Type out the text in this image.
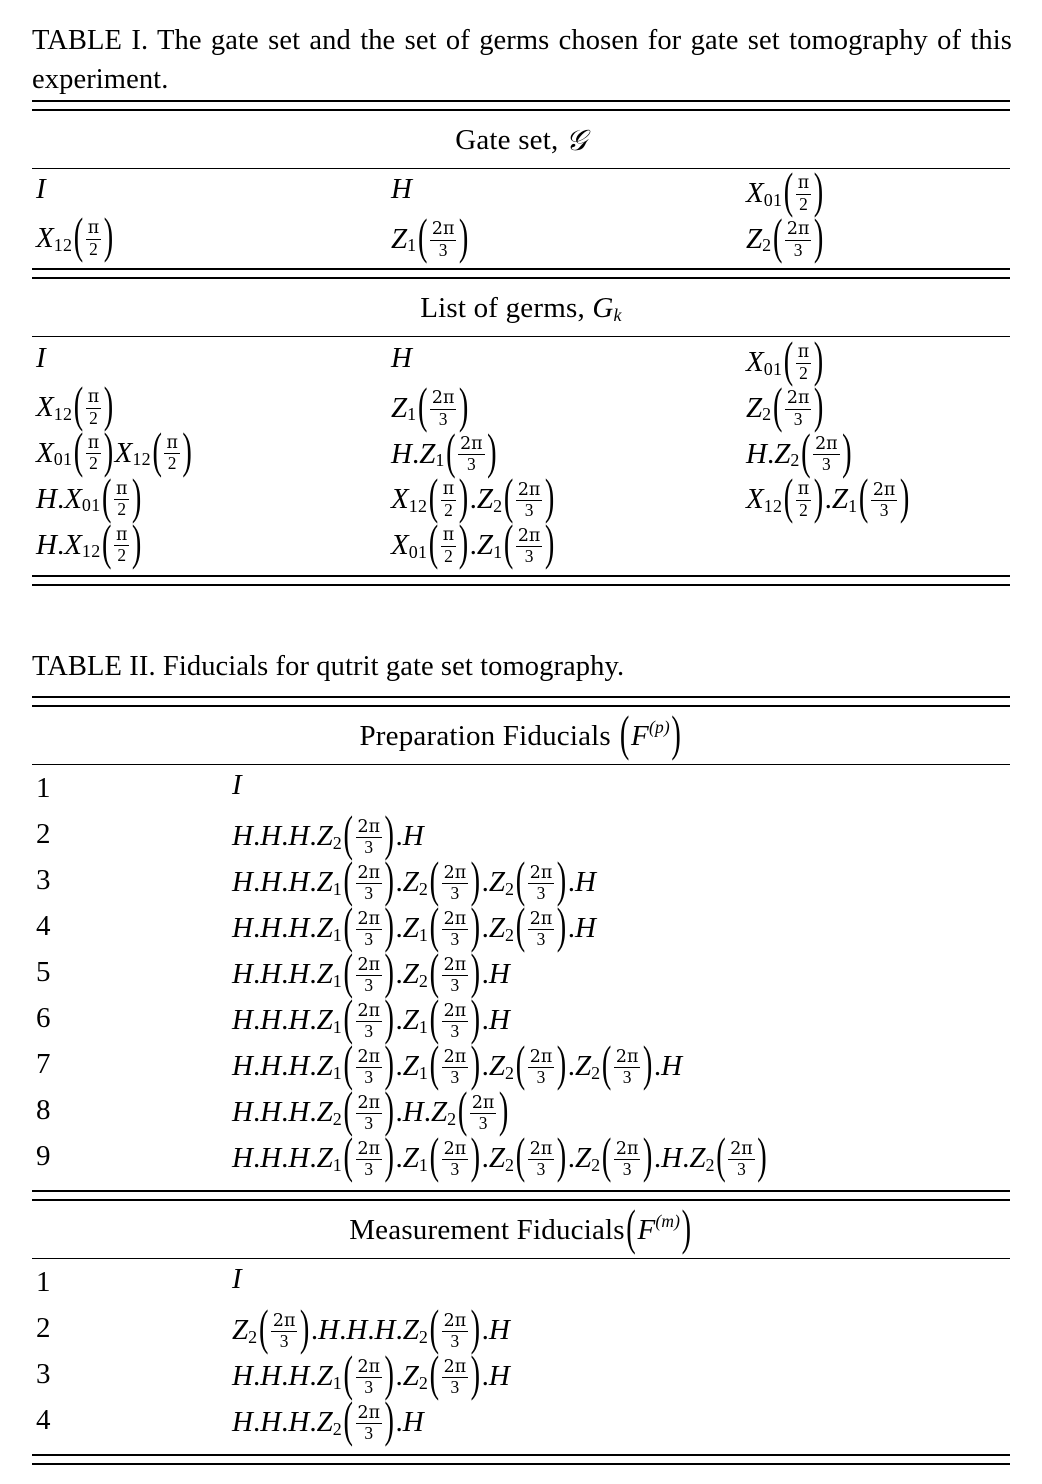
TABLE I. The gate set and the set of germs chosen for gate set tomography of this experiment.
Gate set, 𝒢
I	H	X 01 ( $\frac{\pi}{2}$ )
X 12 ( $\frac{\pi}{2}$ )	Z 1 ( $\frac{2\pi}{3}$ )	Z 2 ( $\frac{2\pi}{3}$ )
List of germs, G k
I	H	X 01 ( $\frac{\pi}{2}$ )
X 12 ( $\frac{\pi}{2}$ )	Z 1 ( $\frac{2\pi}{3}$ )	Z 2 ( $\frac{2\pi}{3}$ )
X 01 ( $\frac{\pi}{2}$ ) X 12 ( $\frac{\pi}{2}$ )	H . Z 1 ( $\frac{2\pi}{3}$ )	H . Z 2 ( $\frac{2\pi}{3}$ )
H . X 01 ( $\frac{\pi}{2}$ )	X 12 ( $\frac{\pi}{2}$ ) . Z 2 ( $\frac{2\pi}{3}$ )	X 12 ( $\frac{\pi}{2}$ ) . Z 1 ( $\frac{2\pi}{3}$ )
H . X 12 ( $\frac{\pi}{2}$ )	X 01 ( $\frac{\pi}{2}$ ) . Z 1 ( $\frac{2\pi}{3}$ )
TABLE II. Fiducials for qutrit gate set tomography.
Preparation Fiducials ( F (p) )
1	I
2	H . H . H . Z 2 ( $\frac{2\pi}{3}$ ) . H
3	H . H . H . Z 1 ( $\frac{2\pi}{3}$ ) . Z 2 ( $\frac{2\pi}{3}$ ) . Z 2 ( $\frac{2\pi}{3}$ ) . H
4	H . H . H . Z 1 ( $\frac{2\pi}{3}$ ) . Z 1 ( $\frac{2\pi}{3}$ ) . Z 2 ( $\frac{2\pi}{3}$ ) . H
5	H . H . H . Z 1 ( $\frac{2\pi}{3}$ ) . Z 2 ( $\frac{2\pi}{3}$ ) . H
6	H . H . H . Z 1 ( $\frac{2\pi}{3}$ ) . Z 1 ( $\frac{2\pi}{3}$ ) . H
7	H . H . H . Z 1 ( $\frac{2\pi}{3}$ ) . Z 1 ( $\frac{2\pi}{3}$ ) . Z 2 ( $\frac{2\pi}{3}$ ) . Z 2 ( $\frac{2\pi}{3}$ ) . H
8	H . H . H . Z 2 ( $\frac{2\pi}{3}$ ) . H . Z 2 ( $\frac{2\pi}{3}$ )
9	H . H . H . Z 1 ( $\frac{2\pi}{3}$ ) . Z 1 ( $\frac{2\pi}{3}$ ) . Z 2 ( $\frac{2\pi}{3}$ ) . Z 2 ( $\frac{2\pi}{3}$ ) . H . Z 2 ( $\frac{2\pi}{3}$ )
Measurement Fiducials ( F (m) )
1	I
2	Z 2 ( $\frac{2\pi}{3}$ ) . H . H . H . Z 2 ( $\frac{2\pi}{3}$ ) . H
3	H . H . H . Z 1 ( $\frac{2\pi}{3}$ ) . Z 2 ( $\frac{2\pi}{3}$ ) . H
4	H . H . H . Z 2 ( $\frac{2\pi}{3}$ ) . H
